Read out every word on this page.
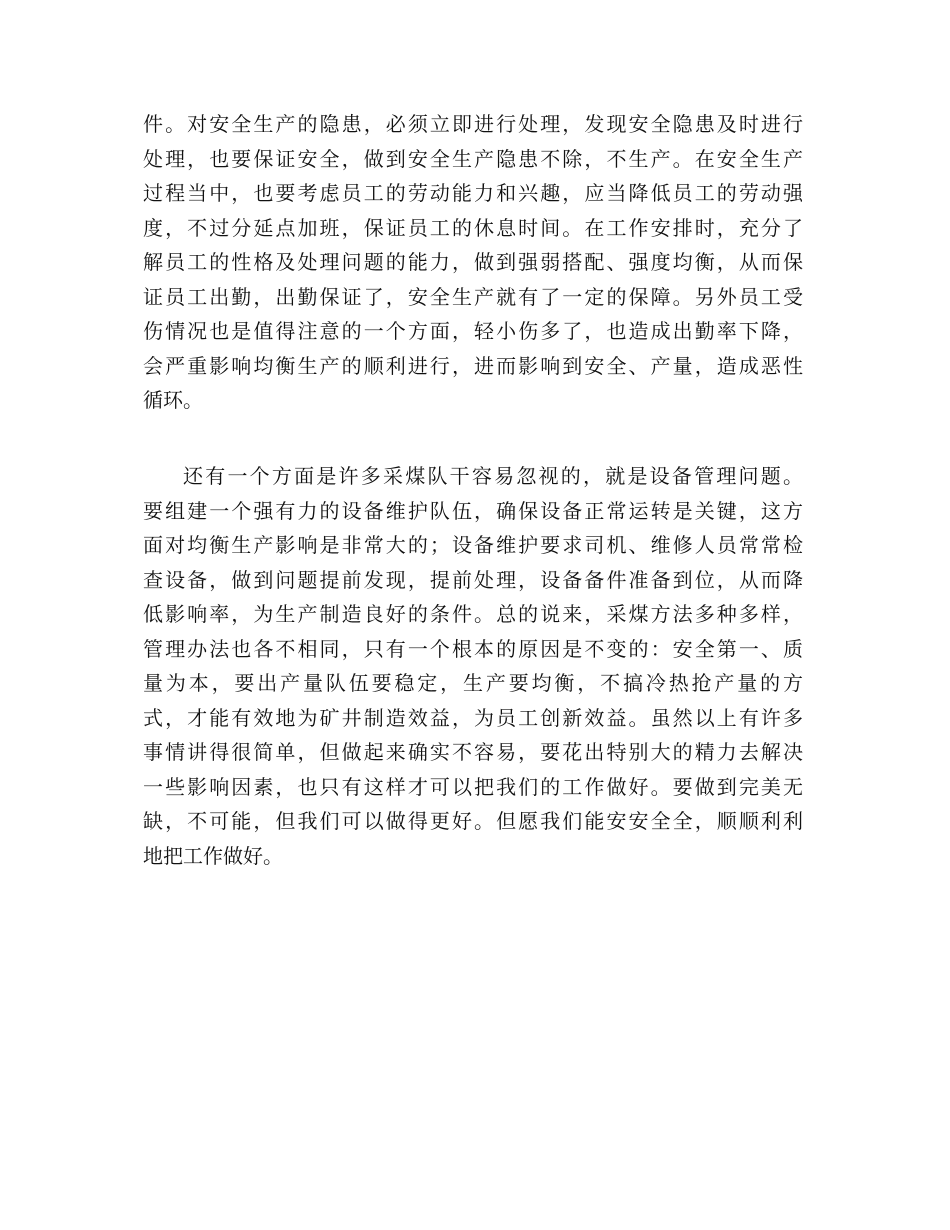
件。对安全生产的隐患，必须立即进行处理，发现安全隐患及时进行
处理，也要保证安全，做到安全生产隐患不除，不生产。在安全生产
过程当中，也要考虑员工的劳动能力和兴趣，应当降低员工的劳动强
度，不过分延点加班，保证员工的休息时间。在工作安排时，充分了
解员工的性格及处理问题的能力，做到强弱搭配、强度均衡，从而保
证员工出勤，出勤保证了，安全生产就有了一定的保障。另外员工受
伤情况也是值得注意的一个方面，轻小伤多了，也造成出勤率下降，
会严重影响均衡生产的顺利进行，进而影响到安全、产量，造成恶性
循环。
还有一个方面是许多采煤队干容易忽视的，就是设备管理问题。
要组建一个强有力的设备维护队伍，确保设备正常运转是关键，这方
面对均衡生产影响是非常大的；设备维护要求司机、维修人员常常检
查设备，做到问题提前发现，提前处理，设备备件准备到位，从而降
低影响率，为生产制造良好的条件。总的说来，采煤方法多种多样，
管理办法也各不相同，只有一个根本的原因是不变的：安全第一、质
量为本，要出产量队伍要稳定，生产要均衡，不搞冷热抢产量的方
式，才能有效地为矿井制造效益，为员工创新效益。虽然以上有许多
事情讲得很简单，但做起来确实不容易，要花出特别大的精力去解决
一些影响因素，也只有这样才可以把我们的工作做好。要做到完美无
缺，不可能，但我们可以做得更好。但愿我们能安安全全，顺顺利利
地把工作做好。
